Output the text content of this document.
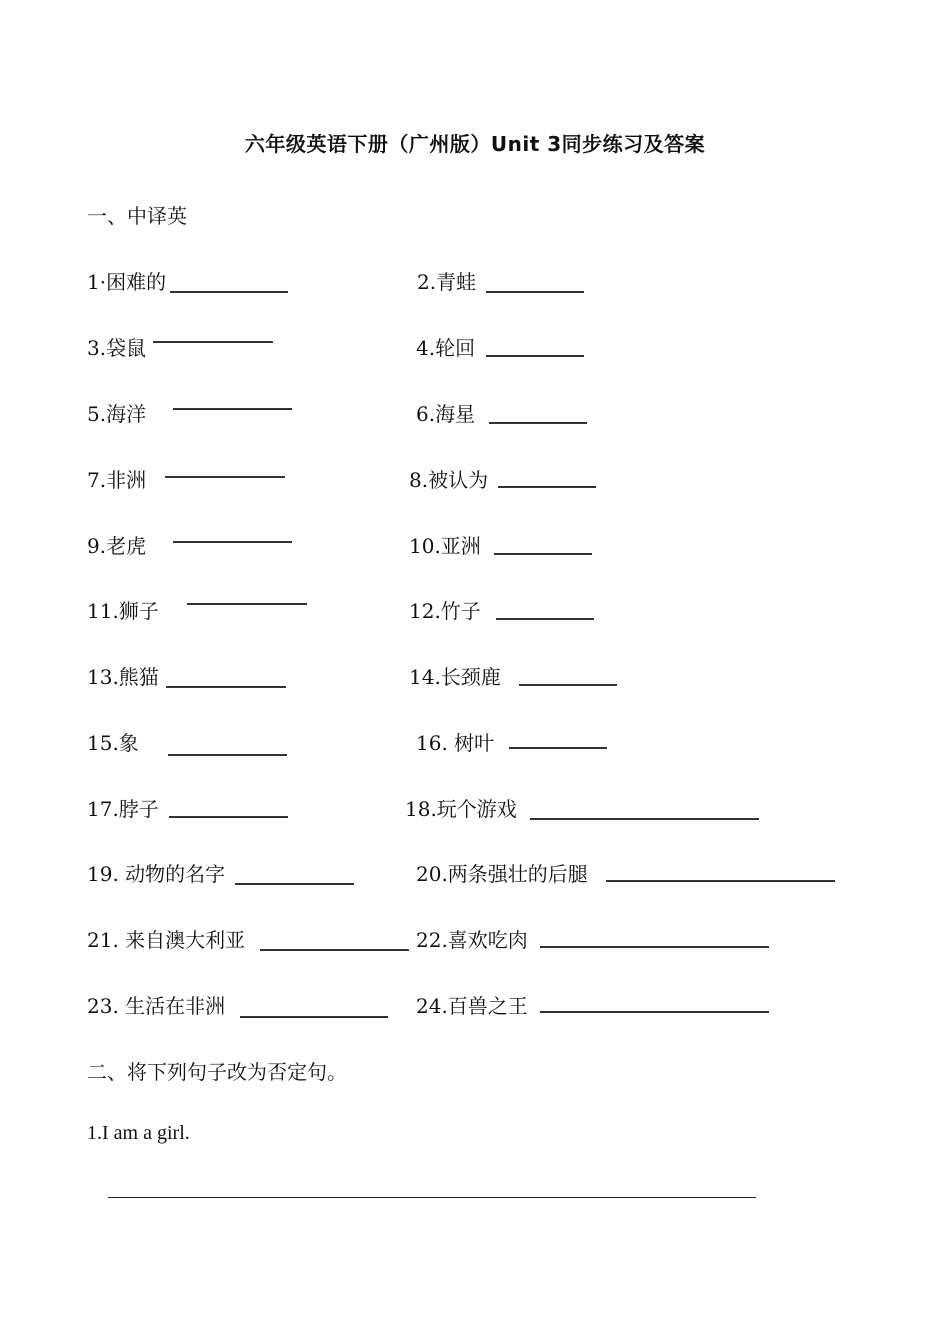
六年级英语下册（广州版）Unit 3同步练习及答案
一、中译英
1·困难的	2.青蛙
3.袋鼠	4.轮回
5.海洋	6.海星
7.非洲	8.被认为
9.老虎	10.亚洲
11.狮子	12.竹子
13.熊猫	14.长颈鹿
15.象	16. 树叶
17.脖子	18.玩个游戏
19. 动物的名字	20.两条强壮的后腿
21. 来自澳大利亚	22.喜欢吃肉
23. 生活在非洲	24.百兽之王
二、将下列句子改为否定句。
1.I am a girl.
